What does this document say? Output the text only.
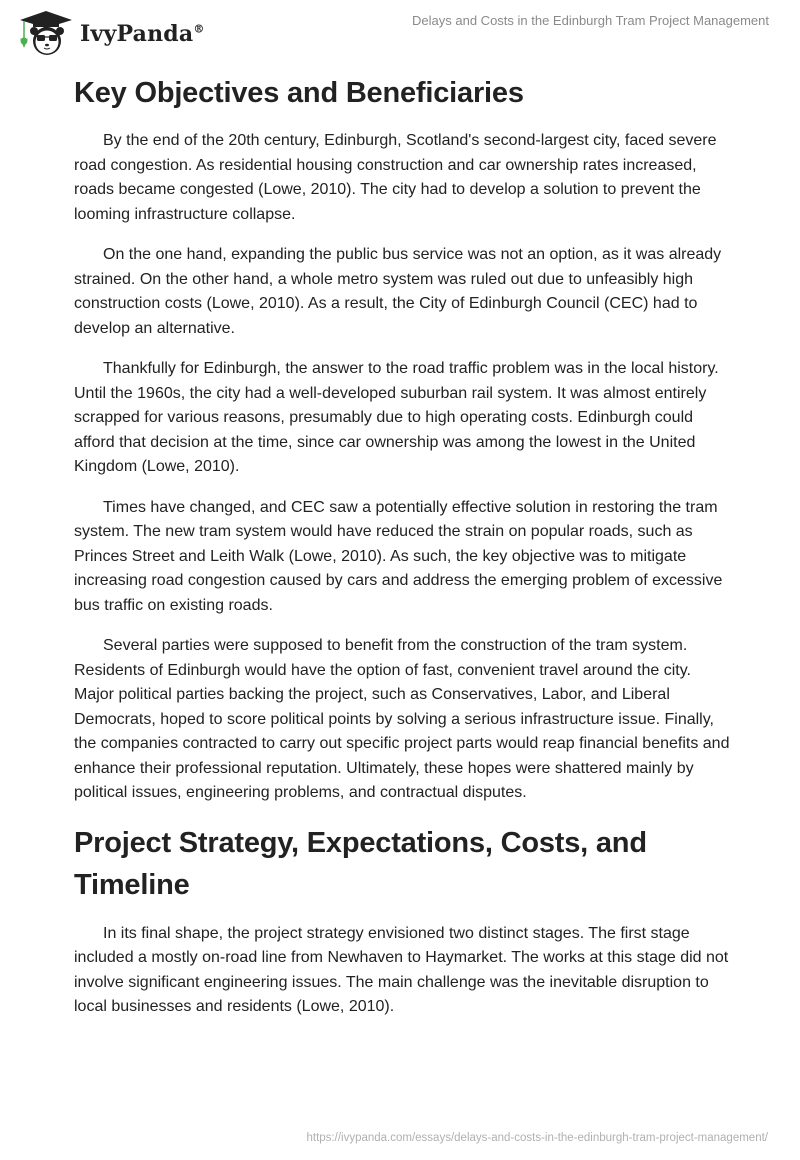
IvyPanda®
Delays and Costs in the Edinburgh Tram Project Management
Key Objectives and Beneficiaries

By the end of the 20th century, Edinburgh, Scotland's second-largest city, faced severe road congestion. As residential housing construction and car ownership rates increased, roads became congested (Lowe, 2010). The city had to develop a solution to prevent the looming infrastructure collapse.

On the one hand, expanding the public bus service was not an option, as it was already strained. On the other hand, a whole metro system was ruled out due to unfeasibly high construction costs (Lowe, 2010). As a result, the City of Edinburgh Council (CEC) had to develop an alternative.

Thankfully for Edinburgh, the answer to the road traffic problem was in the local history. Until the 1960s, the city had a well-developed suburban rail system. It was almost entirely scrapped for various reasons, presumably due to high operating costs. Edinburgh could afford that decision at the time, since car ownership was among the lowest in the United Kingdom (Lowe, 2010).

Times have changed, and CEC saw a potentially effective solution in restoring the tram system. The new tram system would have reduced the strain on popular roads, such as Princes Street and Leith Walk (Lowe, 2010). As such, the key objective was to mitigate increasing road congestion caused by cars and address the emerging problem of excessive bus traffic on existing roads.

Several parties were supposed to benefit from the construction of the tram system. Residents of Edinburgh would have the option of fast, convenient travel around the city. Major political parties backing the project, such as Conservatives, Labor, and Liberal Democrats, hoped to score political points by solving a serious infrastructure issue. Finally, the companies contracted to carry out specific project parts would reap financial benefits and enhance their professional reputation. Ultimately, these hopes were shattered mainly by political issues, engineering problems, and contractual disputes.

Project Strategy, Expectations, Costs, and Timeline

In its final shape, the project strategy envisioned two distinct stages. The first stage included a mostly on-road line from Newhaven to Haymarket. The works at this stage did not involve significant engineering issues. The main challenge was the inevitable disruption to local businesses and residents (Lowe, 2010).

https://ivypanda.com/essays/delays-and-costs-in-the-edinburgh-tram-project-management/
